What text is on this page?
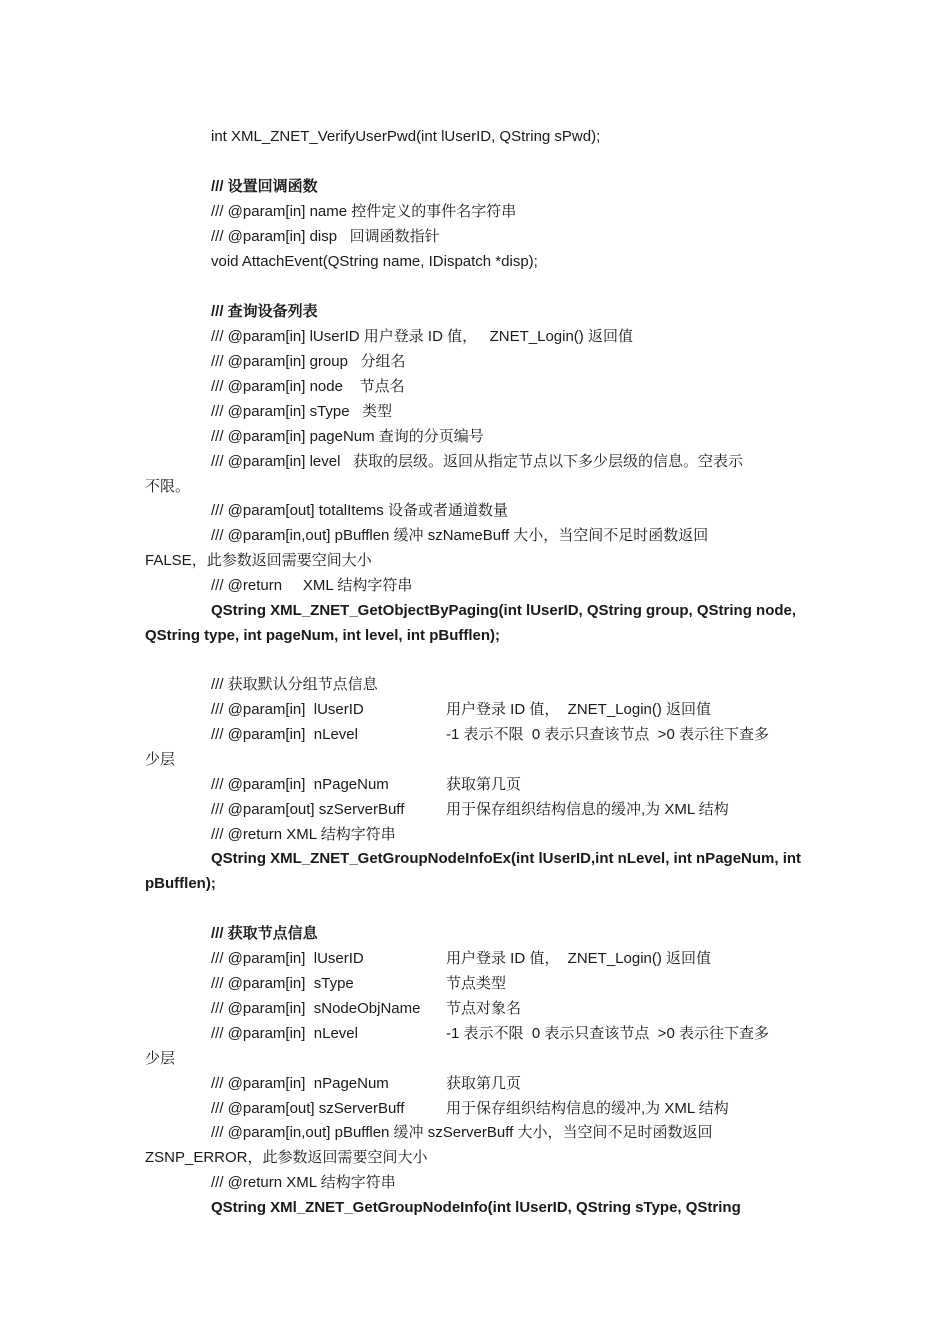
int XML_ZNET_VerifyUserPwd(int lUserID, QString sPwd);
/// 设置回调函数
/// @param[in] name 控件定义的事件名字符串
/// @param[in] disp   回调函数指针
void AttachEvent(QString name, IDispatch *disp);
/// 查询设备列表
/// @param[in] lUserID 用户登录 ID 值，   ZNET_Login() 返回值
/// @param[in] group   分组名
/// @param[in] node    节点名
/// @param[in] sType   类型
/// @param[in] pageNum 查询的分页编号
/// @param[in] level   获取的层级。返回从指定节点以下多少层级的信息。空表示
不限。
/// @param[out] totalItems 设备或者通道数量
/// @param[in,out] pBufflen 缓冲 szNameBuff 大小，当空间不足时函数返回
FALSE，此参数返回需要空间大小
/// @return     XML 结构字符串
QString XML_ZNET_GetObjectByPaging(int lUserID, QString group, QString node,
QString type, int pageNum, int level, int pBufflen);
/// 获取默认分组节点信息
/// @param[in]  lUserID	用户登录 ID 值，  ZNET_Login() 返回值
/// @param[in]  nLevel	-1 表示不限  0 表示只查该节点  >0 表示往下查多
少层
/// @param[in]  nPageNum	获取第几页
/// @param[out] szServerBuff	用于保存组织结构信息的缓冲,为 XML 结构
/// @return XML 结构字符串
QString XML_ZNET_GetGroupNodeInfoEx(int lUserID,int nLevel, int nPageNum, int
pBufflen);
/// 获取节点信息
/// @param[in]  lUserID	用户登录 ID 值，  ZNET_Login() 返回值
/// @param[in]  sType	节点类型
/// @param[in]  sNodeObjName 节点对象名
/// @param[in]  nLevel	-1 表示不限  0 表示只查该节点  >0 表示往下查多
少层
/// @param[in]  nPageNum	获取第几页
/// @param[out] szServerBuff	用于保存组织结构信息的缓冲,为 XML 结构
/// @param[in,out] pBufflen 缓冲 szServerBuff 大小，当空间不足时函数返回
ZSNP_ERROR，此参数返回需要空间大小
/// @return XML 结构字符串
QString XMl_ZNET_GetGroupNodeInfo(int lUserID, QString sType, QString
